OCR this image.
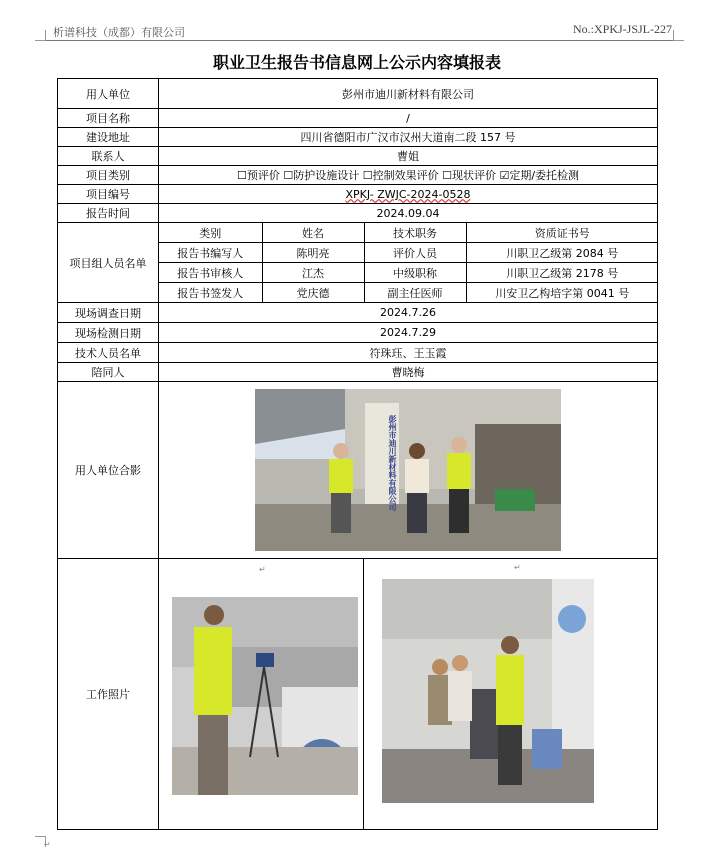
析谱科技（成都）有限公司	No.:XPKJ-JSJL-227
职业卫生报告书信息网上公示内容填报表
用人单位	彭州市迪川新材料有限公司
项目名称	/
建设地址	四川省德阳市广汉市汉州大道南二段 157 号
联系人	曹姐
项目类别	☐预评价 ☐防护设施设计 ☐控制效果评价 ☐现状评价 ☑定期/委托检测
项目编号	XPKJ- ZWJC-2024-0528
报告时间	2024.09.04
项目组人员名单	
类别	姓名	技术职务	资质证书号
报告书编写人	陈明亮	评价人员	川职卫乙级第 2084 号
报告书审核人	江杰	中级职称	川职卫乙级第 2178 号
报告书签发人	党庆德	副主任医师	川安卫乙构培字第 0041 号

现场调查日期	2024.7.26
现场检测日期	2024.7.29
技术人员名单	符珠珏、王玉霞
陪同人	曹晓梅
用人单位合影	彭州市迪川新材料有限公司

工作照片	
↵	↵
↵
